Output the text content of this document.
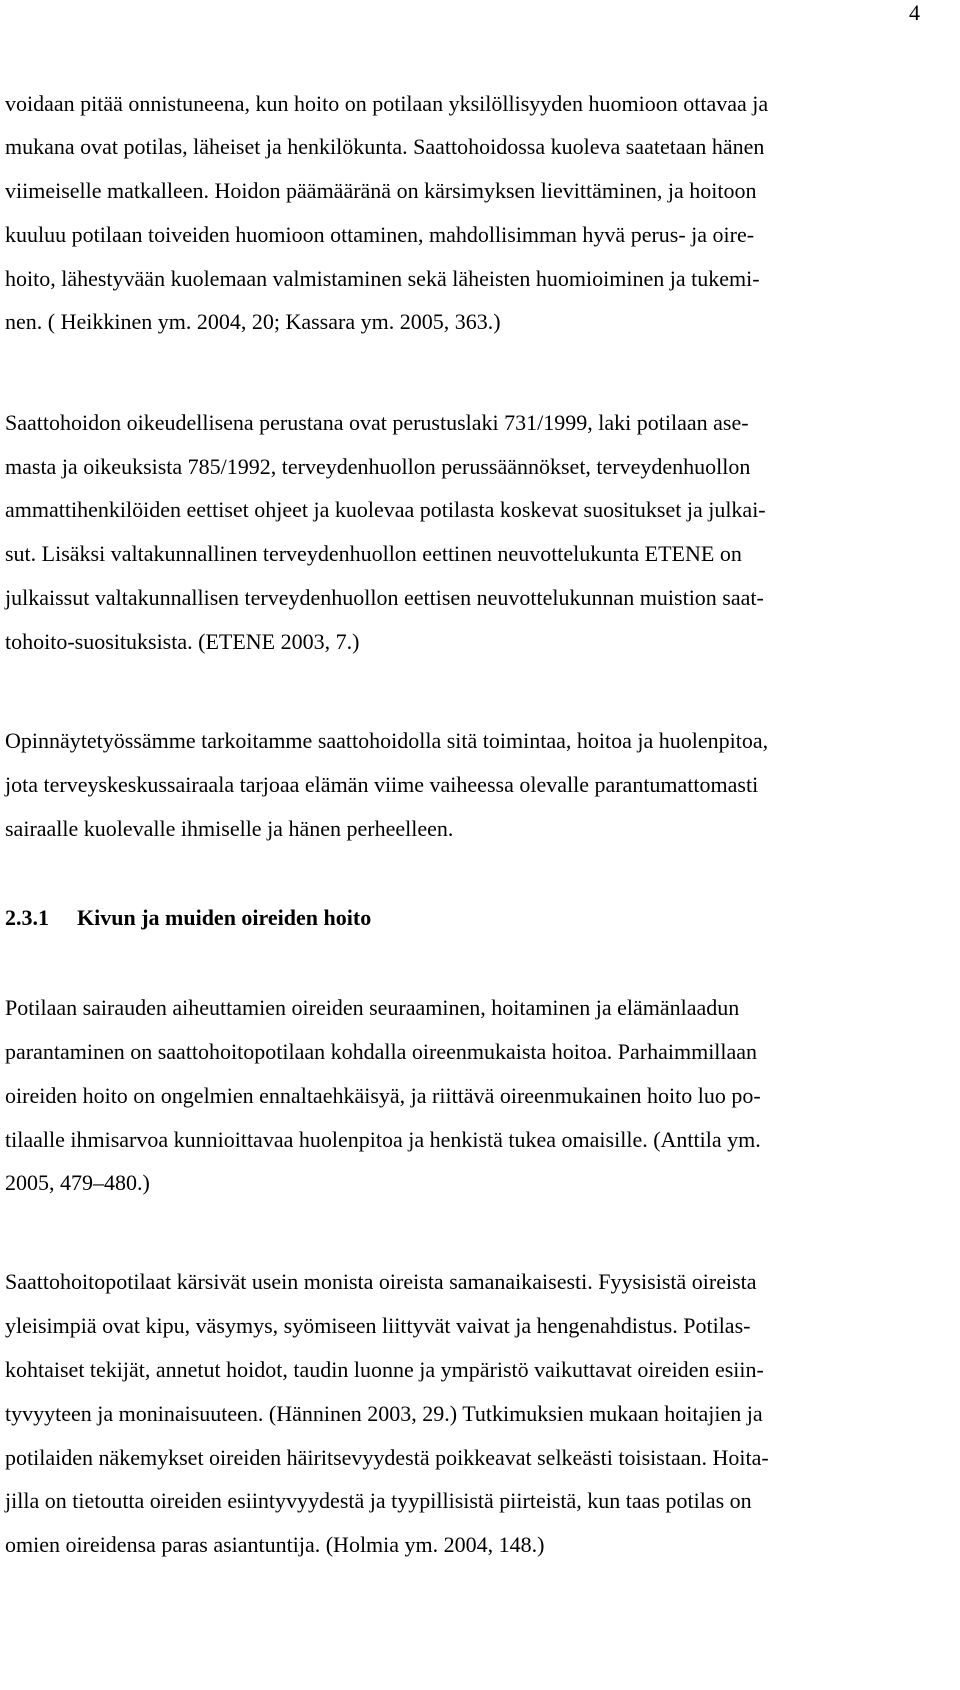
4
voidaan pitää onnistuneena, kun hoito on potilaan yksilöllisyyden huomioon ottavaa ja
mukana ovat potilas, läheiset ja henkilökunta. Saattohoidossa kuoleva saatetaan hänen
viimeiselle matkalleen. Hoidon päämääränä on kärsimyksen lievittäminen, ja hoitoon
kuuluu potilaan toiveiden huomioon ottaminen, mahdollisimman hyvä perus- ja oire-
hoito, lähestyvään kuolemaan valmistaminen sekä läheisten huomioiminen ja tukemi-
nen. ( Heikkinen ym. 2004, 20; Kassara ym. 2005, 363.)
Saattohoidon oikeudellisena perustana ovat perustuslaki 731/1999, laki potilaan ase-
masta ja oikeuksista 785/1992, terveydenhuollon perussäännökset, terveydenhuollon
ammattihenkilöiden eettiset ohjeet ja kuolevaa potilasta koskevat suositukset ja julkai-
sut. Lisäksi valtakunnallinen terveydenhuollon eettinen neuvottelukunta ETENE on
julkaissut valtakunnallisen terveydenhuollon eettisen neuvottelukunnan muistion saat-
tohoito-suosituksista. (ETENE 2003, 7.)
Opinnäytetyössämme tarkoitamme saattohoidolla sitä toimintaa, hoitoa ja huolenpitoa,
jota terveyskeskussairaala tarjoaa elämän viime vaiheessa olevalle parantumattomasti
sairaalle kuolevalle ihmiselle ja hänen perheelleen.
2.3.1 Kivun ja muiden oireiden hoito
Potilaan sairauden aiheuttamien oireiden seuraaminen, hoitaminen ja elämänlaadun
parantaminen on saattohoitopotilaan kohdalla oireenmukaista hoitoa. Parhaimmillaan
oireiden hoito on ongelmien ennaltaehkäisyä, ja riittävä oireenmukainen hoito luo po-
tilaalle ihmisarvoa kunnioittavaa huolenpitoa ja henkistä tukea omaisille. (Anttila ym.
2005, 479–480.)
Saattohoitopotilaat kärsivät usein monista oireista samanaikaisesti. Fyysisistä oireista
yleisimpiä ovat kipu, väsymys, syömiseen liittyvät vaivat ja hengenahdistus. Potilas-
kohtaiset tekijät, annetut hoidot, taudin luonne ja ympäristö vaikuttavat oireiden esiin-
tyvyyteen ja moninaisuuteen. (Hänninen 2003, 29.) Tutkimuksien mukaan hoitajien ja
potilaiden näkemykset oireiden häiritsevyydestä poikkeavat selkeästi toisistaan. Hoita-
jilla on tietoutta oireiden esiintyvyydestä ja tyypillisistä piirteistä, kun taas potilas on
omien oireidensa paras asiantuntija. (Holmia ym. 2004, 148.)
